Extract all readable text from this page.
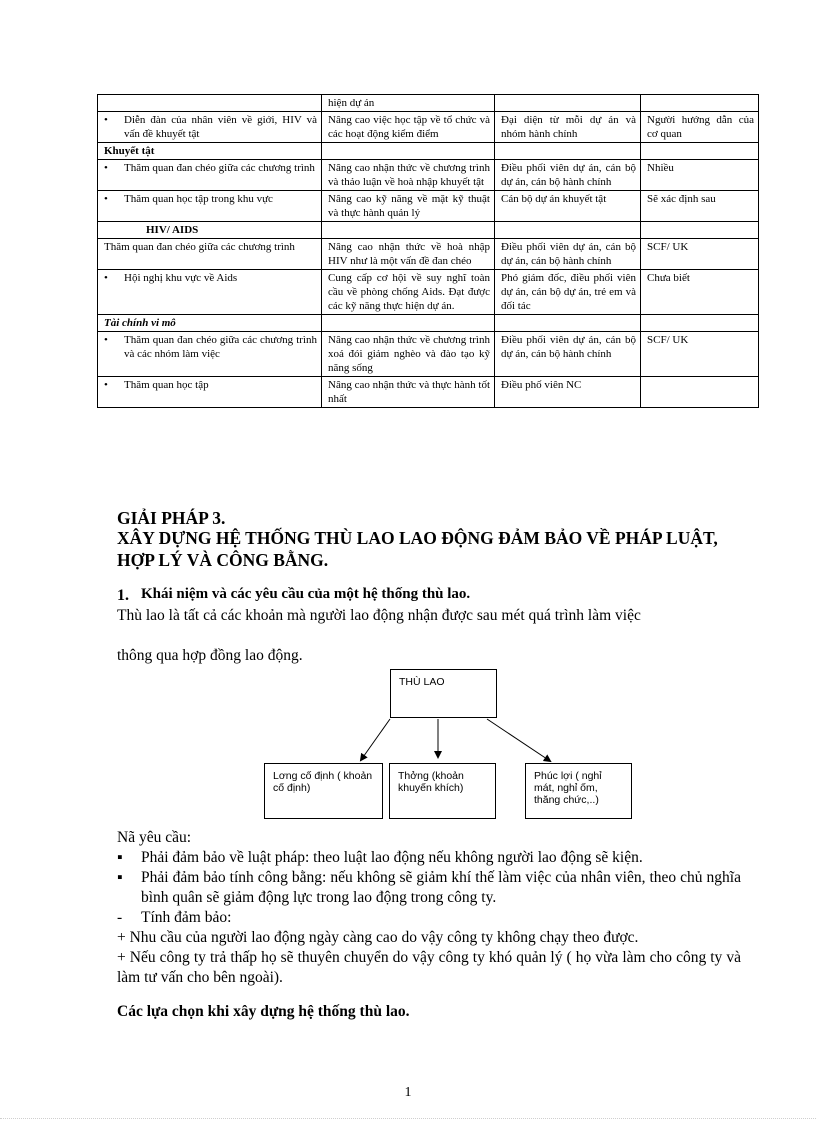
	hiện dự án		

• Diễn đàn của nhân viên về giới, HIV và vấn đề khuyết tật	Nâng cao việc học tập về tổ chức và các hoạt động kiểm điểm	Đại diện từ mỗi dự án và nhóm hành chính	Người hướng dẫn của cơ quan

Khuyết tật			

• Thăm quan đan chéo giữa các chương trình	Nâng cao nhận thức về chương trình và thảo luận về hoà nhập khuyết tật	Điều phối viên dự án, cán bộ dự án, cán bộ hành chính	Nhiều

• Thăm quan học tập trong khu vực	Nâng cao kỹ năng về mặt kỹ thuật và thực hành quản lý	Cán bộ dự án khuyết tật	Sẽ xác định sau

HIV/ AIDS			

Thăm quan đan chéo giữa các chương trình	Nâng cao nhận thức về hoà nhập HIV như là một vấn đề đan chéo	Điều phối viên dự án, cán bộ dự án, cán bộ hành chính	SCF/ UK

• Hội nghị khu vực về Aids	Cung cấp cơ hội về suy nghĩ toàn cầu về phòng chống Aids. Đạt được các kỹ năng thực hiện dự án.	Phó giám đốc, điều phối viên dự án, cán bộ dự án, trẻ em và đối tác	Chưa biết

Tài chính vi mô			

• Thăm quan đan chéo giữa các chương trình và các nhóm làm việc	Nâng cao nhận thức về chương trình xoá đói giảm nghèo và đào tạo kỹ năng sống	Điều phối viên dự án, cán bộ dự án, cán bộ hành chính	SCF/ UK

• Thăm quan học tập	Nâng cao nhận thức và thực hành tốt nhất	Điều phố viên NC	

GIẢI PHÁP 3.
XÂY DỰNG HỆ THỐNG THÙ LAO LAO ĐỘNG ĐẢM BẢO VỀ PHÁP LUẬT, HỢP LÝ VÀ CÔNG BẰNG.
1. Khái niệm và các yêu cầu của một hệ thống thù lao.
Thù lao là tất cả các khoản mà người lao động nhận được sau mét quá trình làm việc
thông qua hợp đồng lao động.
THÙ LAO
Lơng cố định ( khoản cố định)
Thởng (khoản khuyến khích)
Phúc lợi ( nghỉ mát, nghỉ ốm, thăng chức,..)
Nã yêu cầu:
▪	Phải đảm bảo về luật pháp: theo luật lao động nếu không người lao động sẽ kiện.
▪	Phải đảm bảo tính công bằng: nếu không sẽ giảm khí thế làm việc của nhân viên, theo chủ nghĩa bình quân sẽ giảm động lực trong lao động trong công ty.
-	Tính đảm bảo:
+ Nhu cầu của người lao động ngày càng cao do vậy công ty không chạy theo được.
+ Nếu công ty trả thấp họ sẽ thuyên chuyển do vậy công ty khó quản lý ( họ vừa làm cho công ty và làm tư vấn cho bên ngoài).
Các lựa chọn khi xây dựng hệ thống thù lao.
1
